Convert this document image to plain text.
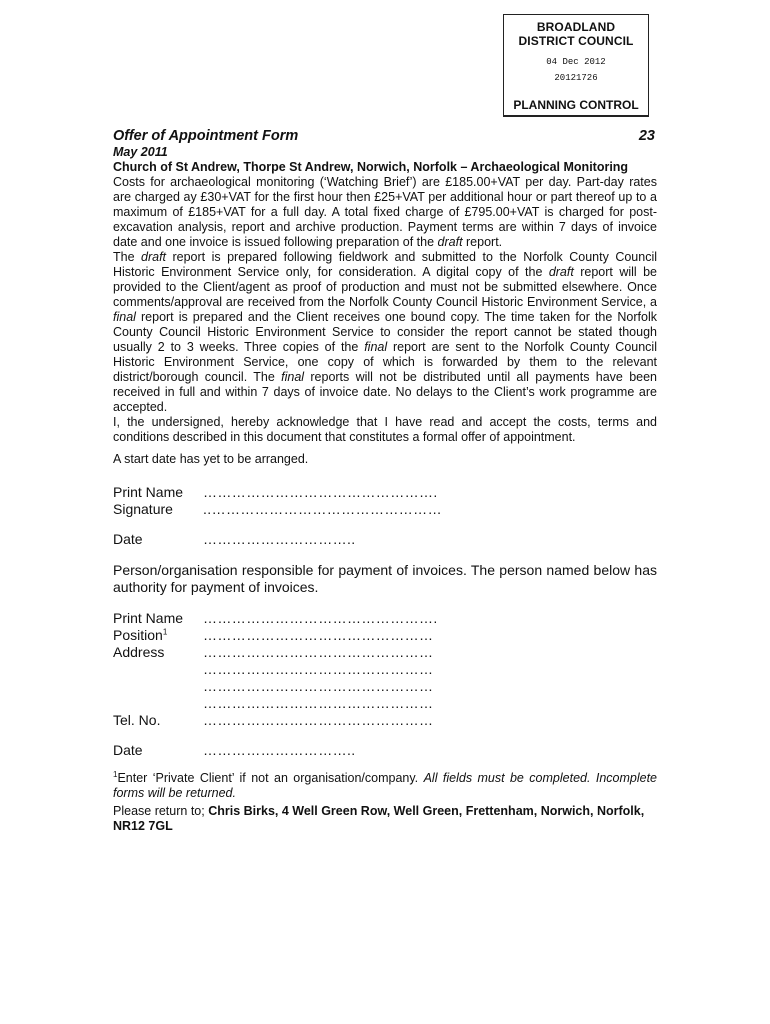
BROADLAND
DISTRICT COUNCIL
04 Dec 2012
20121726
PLANNING CONTROL
Offer of Appointment Form	23
May 2011
Church of St Andrew, Thorpe St Andrew, Norwich, Norfolk – Archaeological Monitoring

Costs for archaeological monitoring (‘Watching Brief’) are £185.00+VAT per day. Part-day rates are charged ay £30+VAT for the first hour then £25+VAT per additional hour or part thereof up to a maximum of £185+VAT for a full day. A total fixed charge of £795.00+VAT is charged for post-excavation analysis, report and archive production. Payment terms are within 7 days of invoice date and one invoice is issued following preparation of the draft report.

The draft report is prepared following fieldwork and submitted to the Norfolk County Council Historic Environment Service only, for consideration. A digital copy of the draft report will be provided to the Client/agent as proof of production and must not be submitted elsewhere. Once comments/approval are received from the Norfolk County Council Historic Environment Service, a final report is prepared and the Client receives one bound copy. The time taken for the Norfolk County Council Historic Environment Service to consider the report cannot be stated though usually 2 to 3 weeks. Three copies of the final report are sent to the Norfolk County Council Historic Environment Service, one copy of which is forwarded by them to the relevant district/borough council. The final reports will not be distributed until all payments have been received in full and within 7 days of invoice date. No delays to the Client’s work programme are accepted.

I, the undersigned, hereby acknowledge that I have read and accept the costs, terms and conditions described in this document that constitutes a formal offer of appointment.

A start date has yet to be arranged.
Print Name	………………………………………….
Signature	..…………………………………………
Date	…………………………..
Person/organisation responsible for payment of invoices. The person named below has authority for payment of invoices.
Print Name	………………………………………….
Position$^1$	…………………………………………
Address	…………………………………………
…………………………………………
…………………………………………
…………………………………………
Tel. No.	…………………………………………
Date	…………………………..
$^1$Enter ‘Private Client’ if not an organisation/company. All fields must be completed. Incomplete forms will be returned.
Please return to; Chris Birks, 4 Well Green Row, Well Green, Frettenham, Norwich, Norfolk, NR12 7GL
